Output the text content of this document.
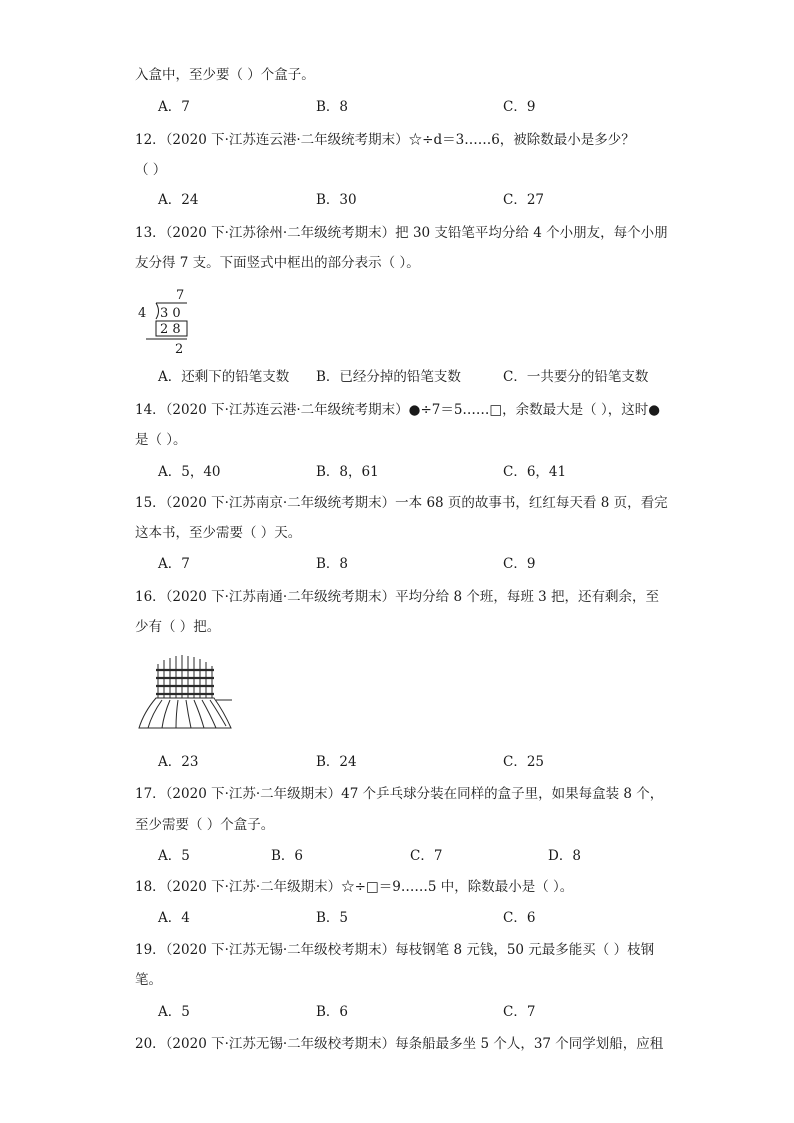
入盒中，至少要（ ）个盒子。
A．7	B．8	C．9
12．（2020 下·江苏连云港·二年级统考期末）☆÷d＝3……6，被除数最小是多少？
（ ）
A．24	B．30	C．27
13．（2020 下·江苏徐州·二年级统考期末）把 30 支铅笔平均分给 4 个小朋友，每个小朋
友分得 7 支。下面竖式中框出的部分表示（ ）。
7
4 3 0
2 8
2
A．还剩下的铅笔支数 B．已经分掉的铅笔支数	C．一共要分的铅笔支数
14．（2020 下·江苏连云港·二年级统考期末）●÷7＝5……□，余数最大是（ ），这时●
是（ ）。
A．5，40	B．8，61	C．6，41
15．（2020 下·江苏南京·二年级统考期末）一本 68 页的故事书，红红每天看 8 页，看完
这本书，至少需要（ ）天。
A．7	B．8	C．9
16．（2020 下·江苏南通·二年级统考期末）平均分给 8 个班，每班 3 把，还有剩余，至
少有（ ）把。
A．23	B．24	C．25
17．（2020 下·江苏·二年级期末）47 个乒乓球分装在同样的盒子里，如果每盒装 8 个，
至少需要（ ）个盒子。
A．5	B．6	C．7	D．8
18．（2020 下·江苏·二年级期末）☆÷□＝9……5 中，除数最小是（ ）。
A．4	B．5	C．6
19．（2020 下·江苏无锡·二年级校考期末）每枝钢笔 8 元钱，50 元最多能买（ ）枝钢
笔。
A．5	B．6	C．7
20．（2020 下·江苏无锡·二年级校考期末）每条船最多坐 5 个人，37 个同学划船，应租
